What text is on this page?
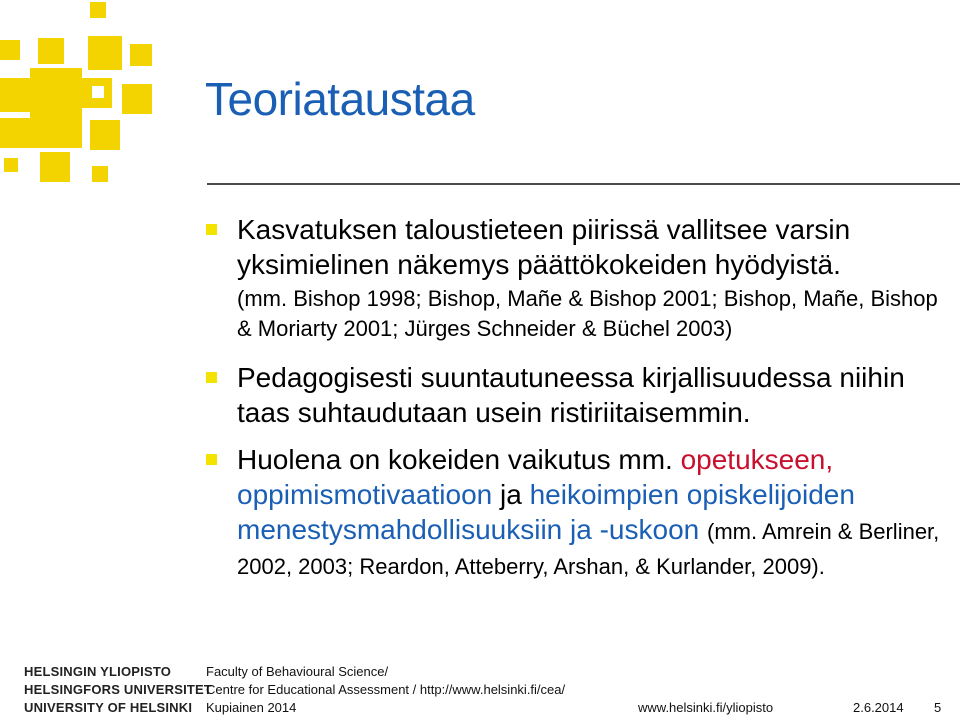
Teoriataustaa
Kasvatuksen taloustieteen piirissä vallitsee varsin yksimielinen näkemys päättökokeiden hyödyistä.
(mm. Bishop 1998; Bishop, Mañe & Bishop 2001; Bishop, Mañe, Bishop & Moriarty 2001; Jürges Schneider & Büchel 2003)
Pedagogisesti suuntautuneessa kirjallisuudessa niihin taas suhtaudutaan usein ristiriitaisemmin.
Huolena on kokeiden vaikutus mm. opetukseen, oppimismotivaatioon ja heikoimpien opiskelijoiden menestysmahdollisuuksiin ja -uskoon (mm. Amrein & Berliner, 2002, 2003; Reardon, Atteberry, Arshan, & Kurlander, 2009).
HELSINGIN YLIOPISTO
HELSINGFORS UNIVERSITET
UNIVERSITY OF HELSINKI
Faculty of Behavioural Science/
Centre for Educational Assessment / http://www.helsinki.fi/cea/
Kupiainen 2014	www.helsinki.fi/yliopisto	2.6.2014 5
